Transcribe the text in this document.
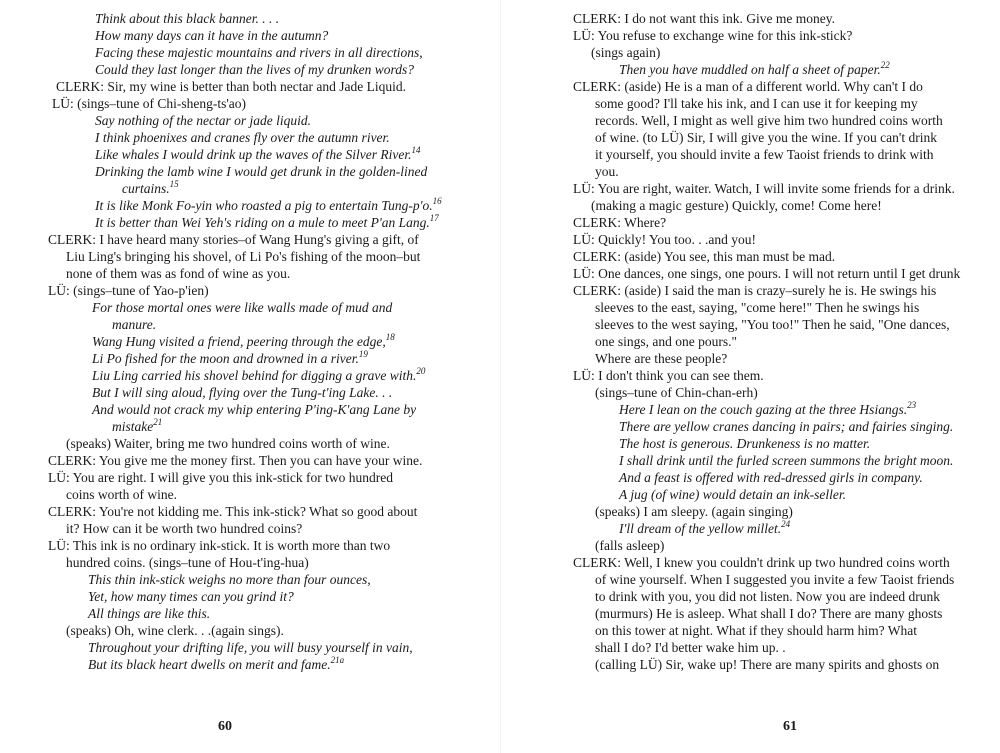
Think about this black banner. . . .
How many days can it have in the autumn?
Facing these majestic mountains and rivers in all directions,
Could they last longer than the lives of my drunken words?
CLERK: Sir, my wine is better than both nectar and Jade Liquid.
LÜ: (sings–tune of Chi-sheng-ts'ao)
Say nothing of the nectar or jade liquid.
I think phoenixes and cranes fly over the autumn river.
Like whales I would drink up the waves of the Silver River.$^{14}$
Drinking the lamb wine I would get drunk in the golden-lined
curtains.$^{15}$
It is like Monk Fo-yin who roasted a pig to entertain Tung-p'o.$^{16}$
It is better than Wei Yeh's riding on a mule to meet P'an Lang.$^{17}$
CLERK: I have heard many stories–of Wang Hung's giving a gift, of
Liu Ling's bringing his shovel, of Li Po's fishing of the moon–but
none of them was as fond of wine as you.
LÜ: (sings–tune of Yao-p'ien)
For those mortal ones were like walls made of mud and
manure.
Wang Hung visited a friend, peering through the edge,$^{18}$
Li Po fished for the moon and drowned in a river.$^{19}$
Liu Ling carried his shovel behind for digging a grave with.$^{20}$
But I will sing aloud, flying over the Tung-t'ing Lake. . .
And would not crack my whip entering P'ing-K'ang Lane by
mistake$^{21}$
(speaks) Waiter, bring me two hundred coins worth of wine.
CLERK: You give me the money first. Then you can have your wine.
LÜ: You are right. I will give you this ink-stick for two hundred
coins worth of wine.
CLERK: You're not kidding me. This ink-stick? What so good about
it? How can it be worth two hundred coins?
LÜ: This ink is no ordinary ink-stick. It is worth more than two
hundred coins. (sings–tune of Hou-t'ing-hua)
This thin ink-stick weighs no more than four ounces,
Yet, how many times can you grind it?
All things are like this.
(speaks) Oh, wine clerk. . .(again sings).
Throughout your drifting life, you will busy yourself in vain,
But its black heart dwells on merit and fame.$^{21a}$
60
CLERK: I do not want this ink. Give me money.
LÜ: You refuse to exchange wine for this ink-stick?
(sings again)
Then you have muddled on half a sheet of paper.$^{22}$
CLERK: (aside) He is a man of a different world. Why can't I do
some good? I'll take his ink, and I can use it for keeping my
records. Well, I might as well give him two hundred coins worth
of wine. (to LÜ) Sir, I will give you the wine. If you can't drink
it yourself, you should invite a few Taoist friends to drink with
you.
LÜ: You are right, waiter. Watch, I will invite some friends for a drink.
(making a magic gesture) Quickly, come! Come here!
CLERK: Where?
LÜ: Quickly! You too. . .and you!
CLERK: (aside) You see, this man must be mad.
LÜ: One dances, one sings, one pours. I will not return until I get drunk
CLERK: (aside) I said the man is crazy–surely he is. He swings his
sleeves to the east, saying, "come here!" Then he swings his
sleeves to the west saying, "You too!" Then he said, "One dances,
one sings, and one pours."
Where are these people?
LÜ: I don't think you can see them.
(sings–tune of Chin-chan-erh)
Here I lean on the couch gazing at the three Hsiangs.$^{23}$
There are yellow cranes dancing in pairs; and fairies singing.
The host is generous. Drunkeness is no matter.
I shall drink until the furled screen summons the bright moon.
And a feast is offered with red-dressed girls in company.
A jug (of wine) would detain an ink-seller.
(speaks) I am sleepy. (again singing)
I'll dream of the yellow millet.$^{24}$
(falls asleep)
CLERK: Well, I knew you couldn't drink up two hundred coins worth
of wine yourself. When I suggested you invite a few Taoist friends
to drink with you, you did not listen. Now you are indeed drunk
(murmurs) He is asleep. What shall I do? There are many ghosts
on this tower at night. What if they should harm him? What
shall I do? I'd better wake him up. .
(calling LÜ) Sir, wake up! There are many spirits and ghosts on
61
